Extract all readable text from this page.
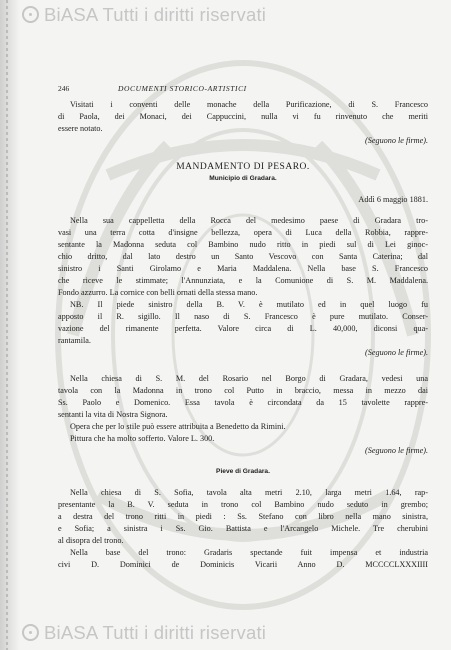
BiASA Tutti i diritti riservati
246	DOCUMENTI STORICO-ARTISTICI
Visitati i conventi delle monache della Purificazione, di S. Francesco
di Paola, dei Monaci, dei Cappuccini, nulla vi fu rinvenuto che meriti
essere notato.
(Seguono le firme).
MANDAMENTO DI PESARO.
Municipio di Gradara.
Addì 6 maggio 1881.
Nella sua cappelletta della Rocca del medesimo paese di Gradara tro-
vasi una terra cotta d'insigne bellezza, opera di Luca della Robbia, rappre-
sentante la Madonna seduta col Bambino nudo ritto in piedi sul di Lei ginoc-
chio dritto, dal lato destro un Santo Vescovo con Santa Caterina; dal
sinistro i Santi Girolamo e Maria Maddalena. Nella base S. Francesco
che riceve le stimmate; l'Annunziata, e la Comunione di S. M. Maddalena.
Fondo azzurro. La cornice con belli ornati della stessa mano.
NB. Il piede sinistro della B. V. è mutilato ed in quel luogo fu
apposto il R. sigillo. Il naso di S. Francesco è pure mutilato. Conser-
vazione del rimanente perfetta. Valore circa di L. 40,000, diconsi qua-
rantamila.
(Seguono le firme).
Nella chiesa di S. M. del Rosario nel Borgo di Gradara, vedesi una
tavola con la Madonna in trono col Putto in braccio, messa in mezzo dai
Ss. Paolo e Domenico. Essa tavola è circondata da 15 tavolette rappre-
sentanti la vita di Nostra Signora.
Opera che per lo stile può essere attribuita a Benedetto da Rimini.
Pittura che ha molto sofferto. Valore L. 300.
(Seguono le firme).
Pieve di Gradara.
Nella chiesa di S. Sofia, tavola alta metri 2.10, larga metri 1.64, rap-
presentante la B. V. seduta in trono col Bambino nudo seduto in grembo;
a destra del trono ritti in piedi : Ss. Stefano con libro nella mano sinistra,
e Sofia; a sinistra i Ss. Gio. Battista e l'Arcangelo Michele. Tre cherubini
al disopra del trono.
Nella base del trono: Gradaris spectande fuit impensa et industria
civi D. Dominici de Dominicis Vicarii Anno D. MCCCCLXXXIIII
BiASA Tutti i diritti riservati
